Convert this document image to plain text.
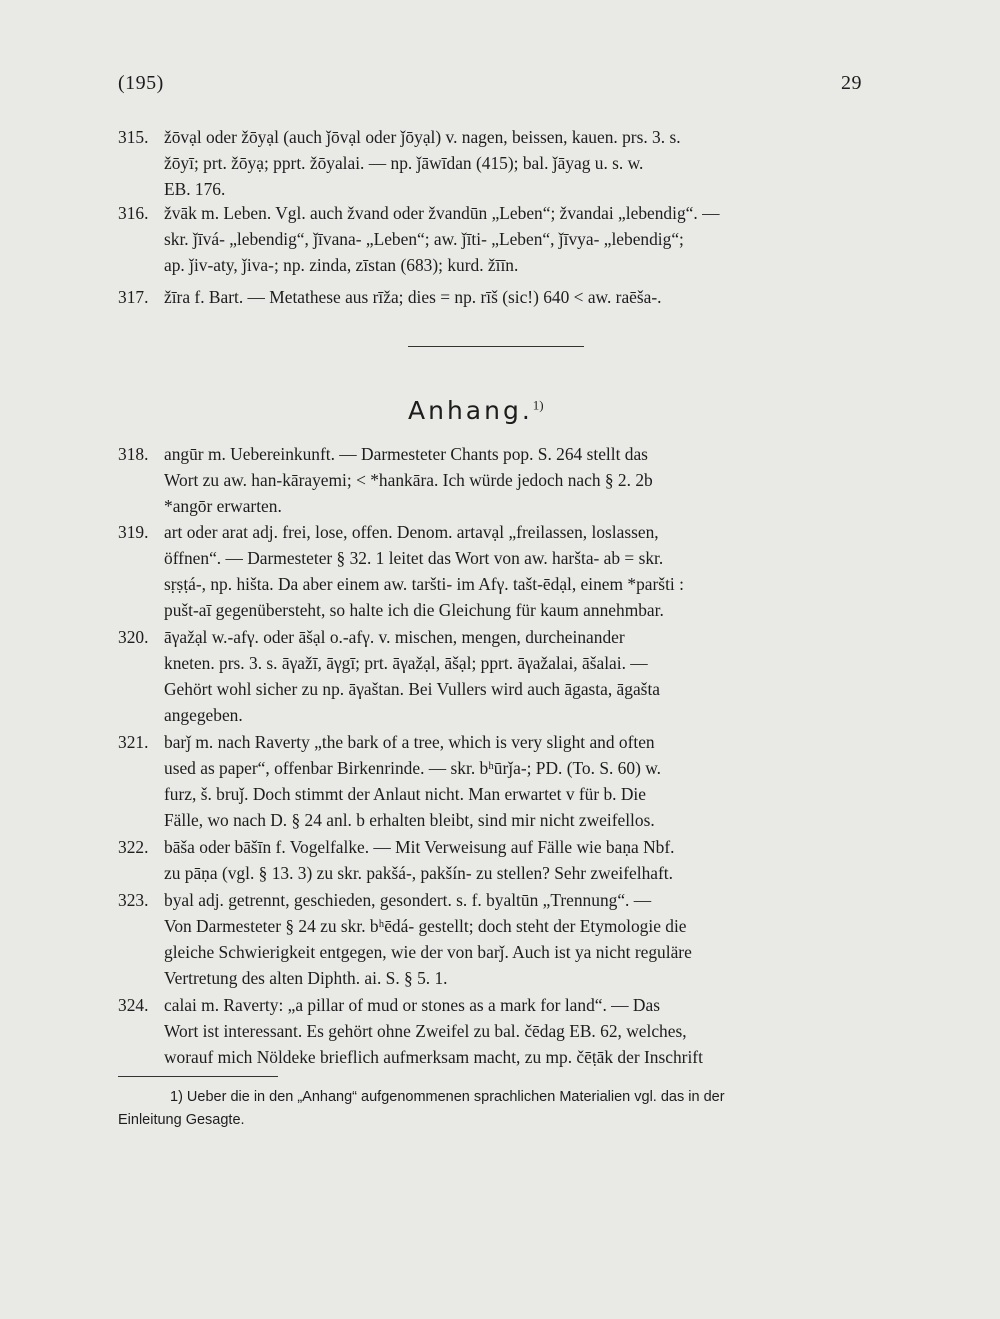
(195)	29
315. žōvạl oder žōyạl (auch ǰōvạl oder ǰōyạl) v. nagen, beissen, kauen. prs. 3. s.
žōyī; prt. žōyạ; pprt. žōyalai. — np. ǰāwīdan (415); bal. ǰāyag u. s. w.
EB. 176.
316. žvāk m. Leben. Vgl. auch žvand oder žvandūn „Leben“; žvandai „lebendig“. —
skr. ǰīvá- „lebendig“, ǰīvana- „Leben“; aw. ǰīti- „Leben“, ǰīvya- „lebendig“;
ap. ǰiv-aty, ǰiva-; np. zinda, zīstan (683); kurd. žīīn.
317. žīra f. Bart. — Metathese aus rīža; dies = np. rīš (sic!) 640 < aw. raēša-.
Anhang.$^{1)}$
318. angūr m. Uebereinkunft. — Darmesteter Chants pop. S. 264 stellt das
Wort zu aw. han-kārayemi; < *hankāra. Ich würde jedoch nach § 2. 2b
*angōr erwarten.
319. art oder arat adj. frei, lose, offen. Denom. artavạl „freilassen, loslassen,
öffnen“. — Darmesteter § 32. 1 leitet das Wort von aw. haršta- ab = skr.
sṛṣṭá-, np. hišta. Da aber einem aw. taršti- im Afγ. tašt-ēdạl, einem *paršti :
pušt-aī gegenübersteht, so halte ich die Gleichung für kaum annehmbar.
320. āγažạl w.-afγ. oder āšạl o.-afγ. v. mischen, mengen, durcheinander
kneten. prs. 3. s. āγažī, āγgī; prt. āγažạl, āšạl; pprt. āγažalai, āšalai. —
Gehört wohl sicher zu np. āγaštan. Bei Vullers wird auch āgasta, āgašta
angegeben.
321. barǰ m. nach Raverty „the bark of a tree, which is very slight and often
used as paper“, offenbar Birkenrinde. — skr. bʰūrǰa-; PD. (To. S. 60) w.
furz, š. bruǰ. Doch stimmt der Anlaut nicht. Man erwartet v für b. Die
Fälle, wo nach D. § 24 anl. b erhalten bleibt, sind mir nicht zweifellos.
322. bāša oder bāšīn f. Vogelfalke. — Mit Verweisung auf Fälle wie baṇa Nbf.
zu pāṇa (vgl. § 13. 3) zu skr. pakšá-, pakšín- zu stellen? Sehr zweifelhaft.
323. byal adj. getrennt, geschieden, gesondert. s. f. byaltūn „Trennung“. —
Von Darmesteter § 24 zu skr. bʰēdá- gestellt; doch steht der Etymologie die
gleiche Schwierigkeit entgegen, wie der von barǰ. Auch ist ya nicht reguläre
Vertretung des alten Diphth. ai. S. § 5. 1.
324. calai m. Raverty: „a pillar of mud or stones as a mark for land“. — Das
Wort ist interessant. Es gehört ohne Zweifel zu bal. čēdag EB. 62, welches,
worauf mich Nöldeke brieflich aufmerksam macht, zu mp. čēṭāk der Inschrift
1) Ueber die in den „Anhang“ aufgenommenen sprachlichen Materialien vgl. das in der
Einleitung Gesagte.
